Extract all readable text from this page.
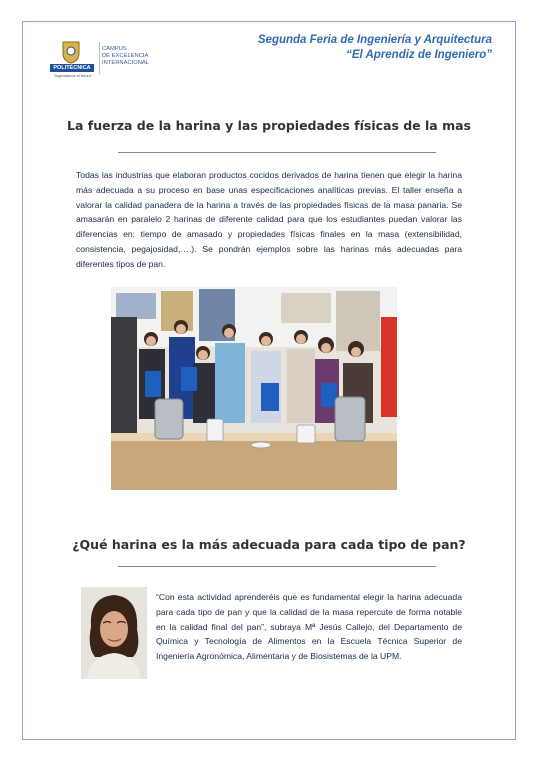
Segunda Feria de Ingeniería y Arquitectura
“El Aprendiz de Ingeniero”
POLITÉCNICA
"Ingeniamos el futuro"
CAMPUS
DE EXCELENCIA
INTERNACIONAL
La fuerza de la harina y las propiedades físicas de la mas

Todas las industrias que elaboran productos cocidos derivados de harina tienen que elegir la harina más adecuada a su proceso en base unas especificaciones analíticas previas. El taller enseña a valorar la calidad panadera de la harina a través de las propiedades físicas de la masa panaria. Se amasarán en paralelo 2 harinas de diferente calidad para que los estudiantes puedan valorar las diferencias en: tiempo de amasado y propiedades físicas finales en la masa (extensibilidad, consistencia, pegajosidad,….). Se pondrán ejemplos sobre las harinas más adecuadas para diferentes tipos de pan.

¿Qué harina es la más adecuada para cada tipo de pan?

“Con esta actividad aprenderéis que es fundamental elegir la harina adecuada para cada tipo de pan y que la calidad de la masa repercute de forma notable en la calidad final del pan”, subraya Mª Jesús Callejo, del Departamento de Química y Tecnología de Alimentos en la Escuela Técnica Superior de Ingeniería Agronómica, Alimentaria y de Biosistemas de la UPM.
